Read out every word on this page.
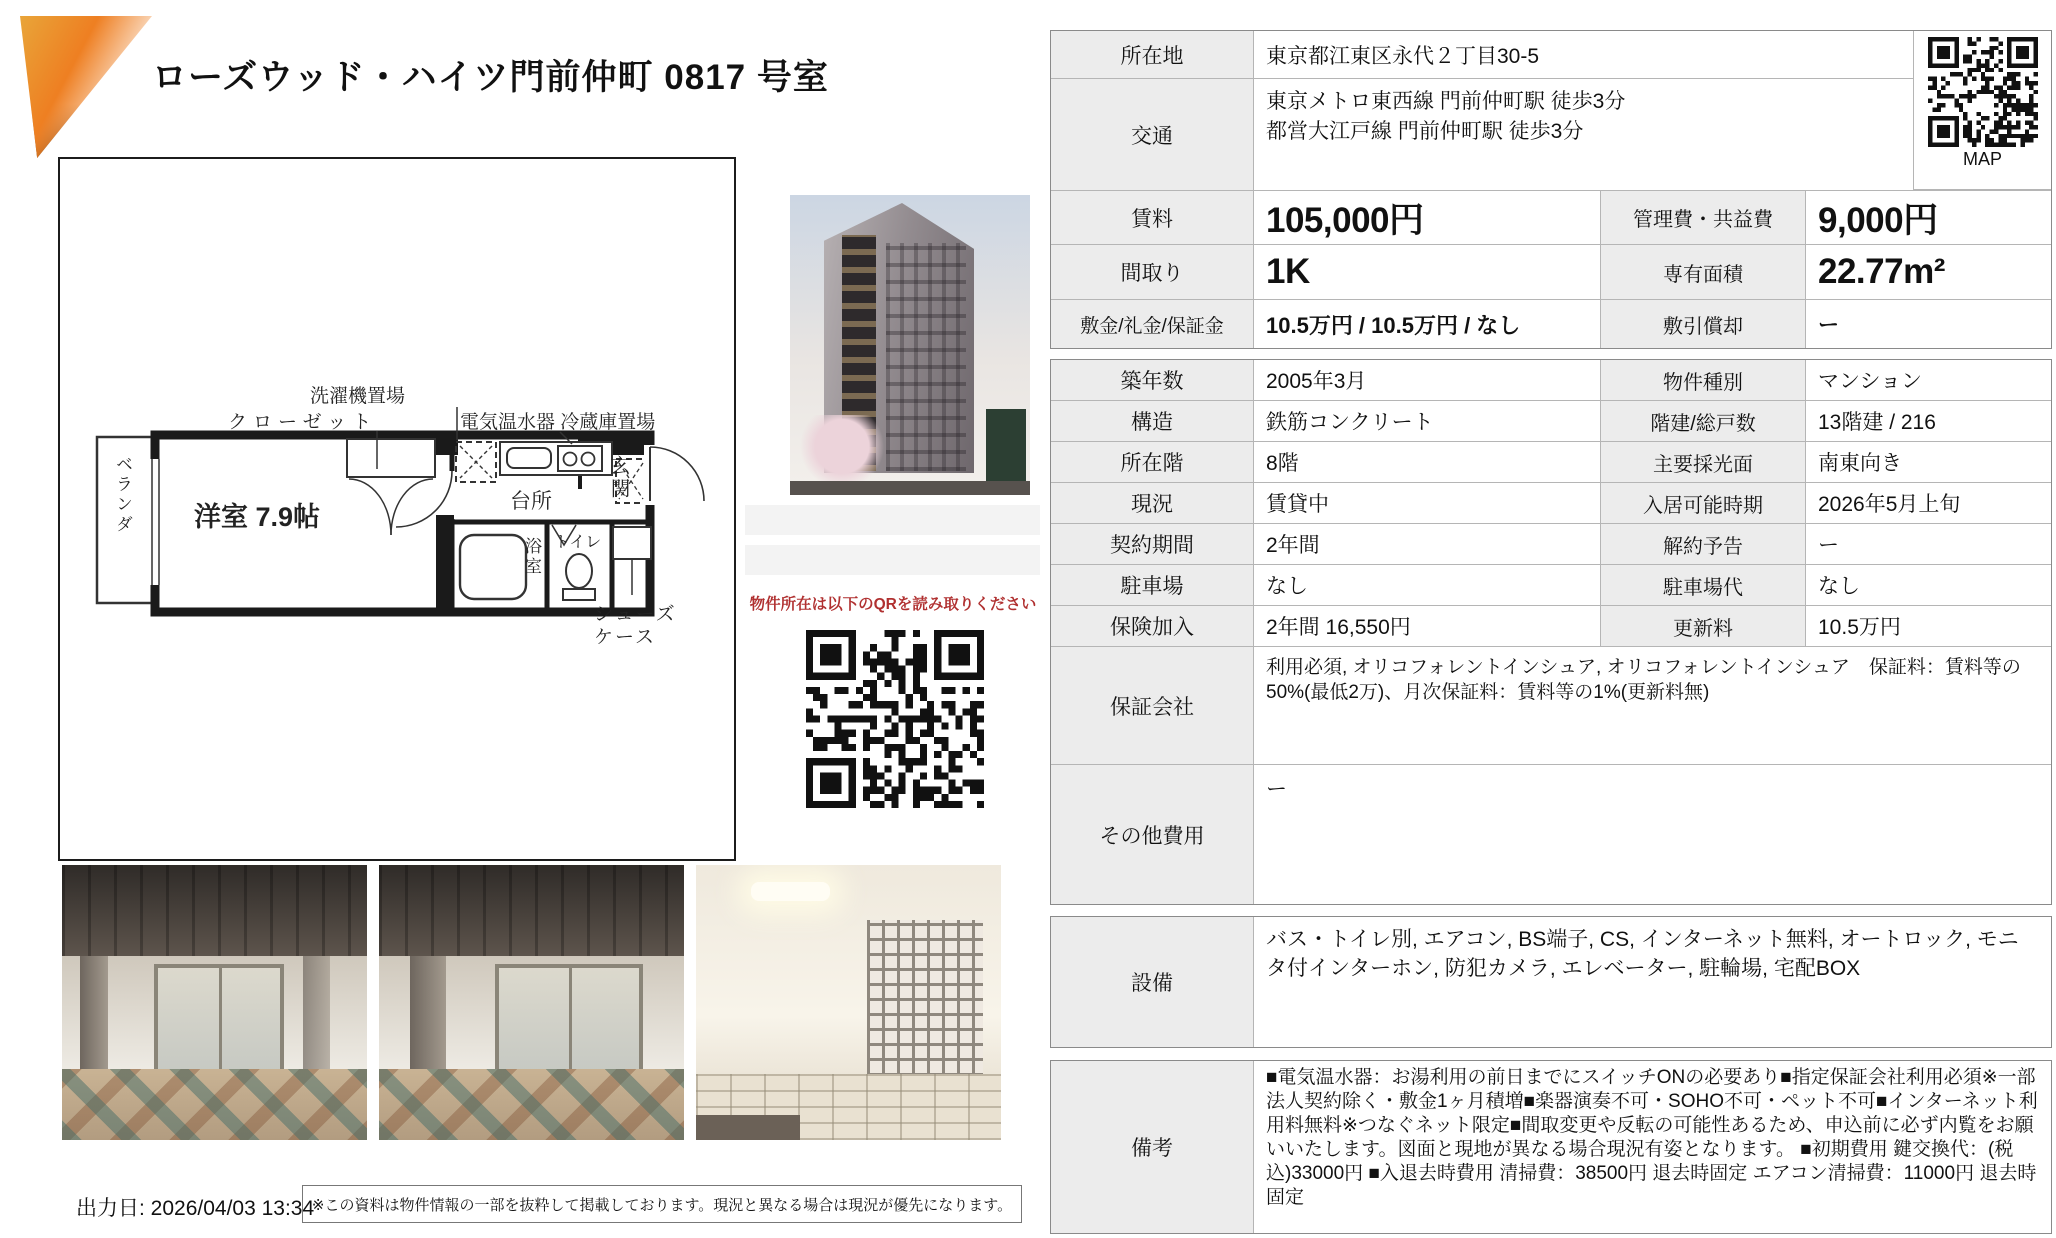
ローズウッド・ハイツ門前仲町 0817 号室
洗濯機置場
クローゼット	電気温水器 冷蔵庫置場
ベランダ 洋室 7.9帖
台所
玄関
浴室 トイレ
シューズ
ケース
物件所在は以下のQRを読み取りください
所在地	東京都江東区永代２丁目30-5
交通
東京メトロ東西線 門前仲町駅 徒歩3分
都営大江戸線 門前仲町駅 徒歩3分
MAP
賃料	105,000円	管理費・共益費	9,000円
間取り	1K	専有面積	22.77m²
敷金/礼金/保証金	10.5万円 / 10.5万円 / なし	敷引償却	ー
築年数	2005年3月	物件種別	マンション
構造	鉄筋コンクリート	階建/総戸数	13階建 / 216
所在階	8階	主要採光面	南東向き
現況	賃貸中	入居可能時期	2026年5月上旬
契約期間	2年間	解約予告	ー
駐車場	なし	駐車場代	なし
保険加入	2年間 16,550円	更新料	10.5万円
保証会社
利用必須, オリコフォレントインシュア, オリコフォレントインシュア　保証料：賃料等の50%(最低2万)、月次保証料：賃料等の1%(更新料無)
その他費用
ー
設備
バス・トイレ別, エアコン, BS端子, CS, インターネット無料, オートロック, モニタ付インターホン, 防犯カメラ, エレベーター, 駐輪場, 宅配BOX
備考
■電気温水器：お湯利用の前日までにスイッチONの必要あり■指定保証会社利用必須※一部法人契約除く・敷金1ヶ月積増■楽器演奏不可・SOHO不可・ペット不可■インターネット利用料無料※つなぐネット限定■間取変更や反転の可能性あるため、申込前に必ず内覧をお願いいたします。図面と現地が異なる場合現況有姿となります。 ■初期費用 鍵交換代：(税込)33000円 ■入退去時費用 清掃費：38500円 退去時固定 エアコン清掃費：11000円 退去時固定
出力日: 2026/04/03 13:34
※この資料は物件情報の一部を抜粋して掲載しております。現況と異なる場合は現況が優先になります。
